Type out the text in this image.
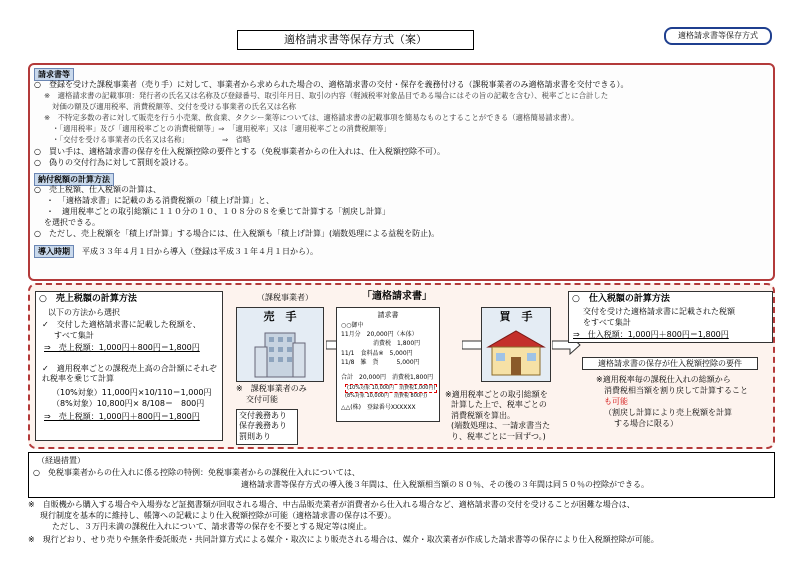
適格請求書等保存方式（案）	適格請求書等保存方式
請求書等
○　登録を受けた課税事業者（売り手）に対して、事業者から求められた場合の、適格請求書の交付・保存を義務付ける（課税事業者のみ適格請求書を交付できる）。
※　適格請求書の記載事項：発行者の氏名又は名称及び登録番号、取引年月日、取引の内容（軽減税率対象品目である場合にはその旨の記載を含む）、税率ごとに合計した
対価の額及び適用税率、消費税額等、交付を受ける事業者の氏名又は名称
※　不特定多数の者に対して販売を行う小売業、飲食業、タクシー業等については、適格請求書の記載事項を簡易なものとすることができる（適格簡易請求書）。
・「適用税率」及び「適用税率ごとの消費税額等」⇒　「適用税率」又は「適用税率ごとの消費税額等」
・「交付を受ける事業者の氏名又は名称」　　　　　⇒　省略
○　買い手は、適格請求書の保存を仕入税額控除の要件とする（免税事業者からの仕入れは、仕入税額控除不可）。
○　偽りの交付行為に対して罰則を設ける。
納付税額の計算方法
○　売上税額、仕入税額の計算は、
・　「適格請求書」に記載のある消費税額の「積上げ計算」と、
・　適用税率ごとの取引総額に１１０分の１０、１０８分の８を乗じて計算する「割戻し計算」
を選択できる。
○　ただし、売上税額を「積上げ計算」する場合には、仕入税額も「積上げ計算」(端数処理による益税を防止)。
導入時期　 平成３３年４月１日から導入（登録は平成３１年４月１日から）。
○　売上税額の計算方法
以下の方法から選択
✓　交付した適格請求書に記載した税額を、
すべて集計
⇒　売上税額：1,000円＋800円＝1,800円
✓　適用税率ごとの課税売上高の合計額にそれぞれ税率を乗じて計算
（10%対象）11,000円×10/110＝1,000円
（8%対象）10,800円× 8/108＝　800円
⇒　売上税額：1,000円＋800円＝1,800円
（課税事業者）
売　手
※　課税事業者のみ
交付可能
交付義務あり
保存義務あり
罰則あり
「適格請求書」
請求書
○○御中
11月分　20,000円（本体）
消費税　1,800円
11/1　食料品※　5,000円
11/8　雑　貨　　　5,000円
合計　20,000円　消費税1,800円
(10%対象 10,000円　消費税1,000円)
(8%対象 10,000円　消費税 800円)
△△(株)　登録番号XXXXXX
※適用税率ごとの取引総額を
計算した上で、税率ごとの
消費税額を算出。
(端数処理は、一請求書当た
り、税率ごとに一回ずつ。)
買　手
○　仕入税額の計算方法
交付を受けた適格請求書に記載された税額
をすべて集計
⇒　仕入税額：1,000円＋800円＝1,800円
適格請求書の保存が仕入税額控除の要件
※適用税率毎の課税仕入れの総額から
消費税相当額を割り戻して計算すること
も可能
（割戻し計算により売上税額を計算
する場合に限る）
（経過措置）
○　免税事業者からの仕入れに係る控除の特例：免税事業者からの課税仕入れについては、
適格請求書等保存方式の導入後３年間は、仕入税額相当額の８０％、その後の３年間は同５０％の控除ができる。
※　自販機から購入する場合や入場券など証拠書類が回収される場合、中古品販売業者が消費者から仕入れる場合など、適格請求書の交付を受けることが困難な場合は、
現行制度を基本的に維持し、帳簿への記載により仕入税額控除が可能（適格請求書の保存は不要）。
ただし、３万円未満の課税仕入れについて、請求書等の保存を不要とする規定等は廃止。
※　現行どおり、せり売りや無条件委託販売・共同計算方式による媒介・取次により販売される場合は、媒介・取次業者が作成した請求書等の保存により仕入税額控除が可能。
